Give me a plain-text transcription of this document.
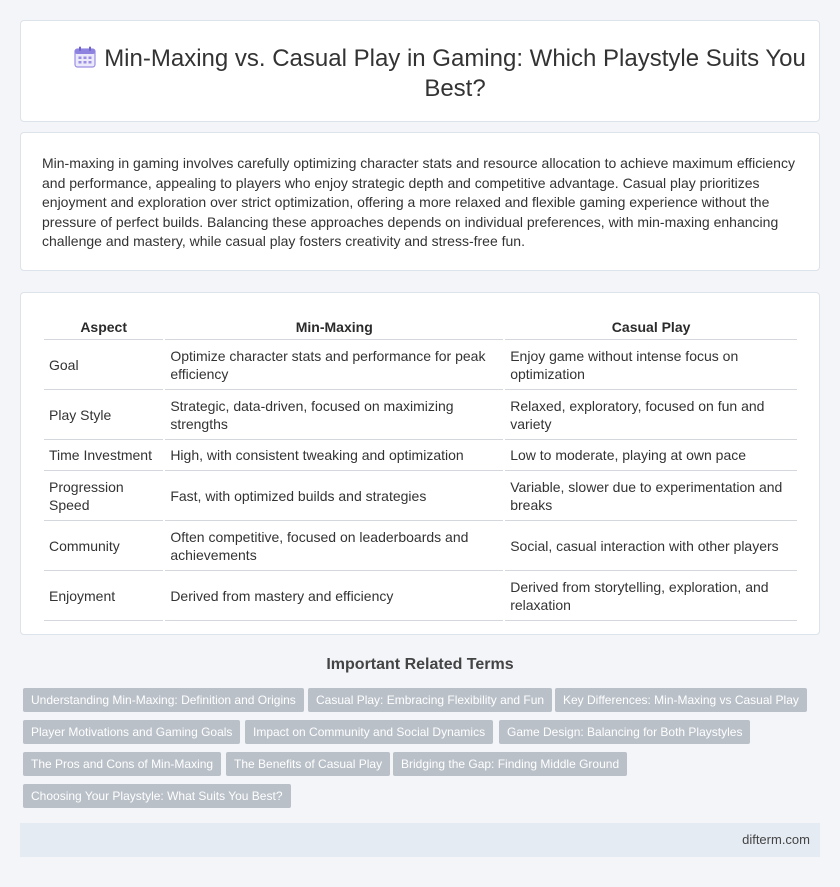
Min-Maxing vs. Casual Play in Gaming: Which Playstyle Suits You Best?

Min-maxing in gaming involves carefully optimizing character stats and resource allocation to achieve maximum efficiency and performance, appealing to players who enjoy strategic depth and competitive advantage. Casual play prioritizes enjoyment and exploration over strict optimization, offering a more relaxed and flexible gaming experience without the pressure of perfect builds. Balancing these approaches depends on individual preferences, with min-maxing enhancing challenge and mastery, while casual play fosters creativity and stress-free fun.

Aspect	Min-Maxing	Casual Play
Goal	Optimize character stats and performance for peak efficiency	Enjoy game without intense focus on optimization
Play Style	Strategic, data-driven, focused on maximizing strengths	Relaxed, exploratory, focused on fun and variety
Time Investment	High, with consistent tweaking and optimization	Low to moderate, playing at own pace
Progression Speed	Fast, with optimized builds and strategies	Variable, slower due to experimentation and breaks
Community	Often competitive, focused on leaderboards and achievements	Social, casual interaction with other players
Enjoyment	Derived from mastery and efficiency	Derived from storytelling, exploration, and relaxation
Important Related Terms
Understanding Min-Maxing: Definition and Origins	Casual Play: Embracing Flexibility and Fun	Key Differences: Min-Maxing vs Casual Play
Player Motivations and Gaming Goals	Impact on Community and Social Dynamics	Game Design: Balancing for Both Playstyles
The Pros and Cons of Min-Maxing	The Benefits of Casual Play	Bridging the Gap: Finding Middle Ground
Choosing Your Playstyle: What Suits You Best?
difterm.com
